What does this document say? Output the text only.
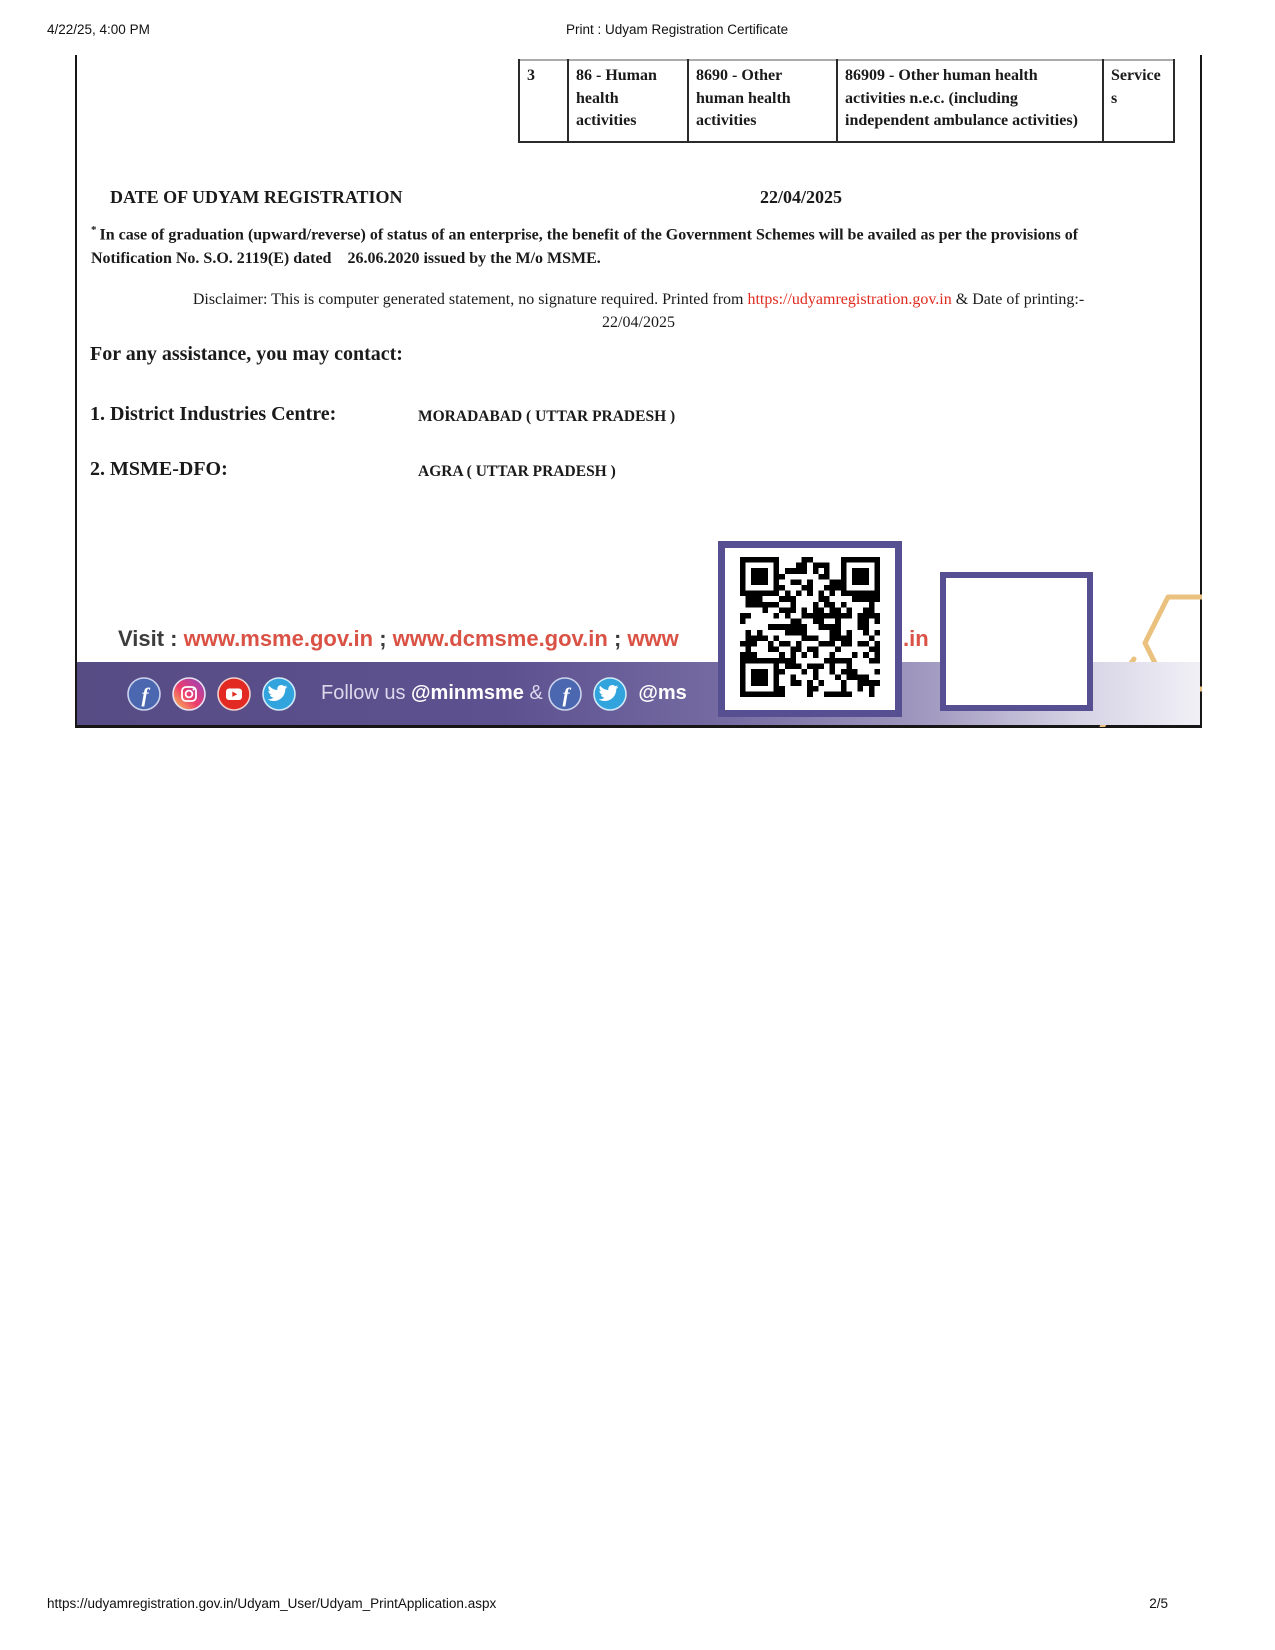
4/22/25, 4:00 PM	Print : Udyam Registration Certificate
3	86 - Human health activities	8690 - Other human health activities	86909 - Other human health activities n.e.c. (including independent ambulance activities)	Services
DATE OF UDYAM REGISTRATION	22/04/2025
* In case of graduation (upward/reverse) of status of an enterprise, the benefit of the Government Schemes will be availed as per the provisions of Notification No. S.O. 2119(E) dated    26.06.2020 issued by the M/o MSME.
Disclaimer: This is computer generated statement, no signature required. Printed from https://udyamregistration.gov.in & Date of printing:-
22/04/2025
For any assistance, you may contact:
1. District Industries Centre:	MORADABAD ( UTTAR PRADESH )
2. MSME-DFO:	AGRA ( UTTAR PRADESH )
Visit : www.msme.gov.in ; www.dcmsme.gov.in ; www	.in
f	Follow us @minmsme & f	@ms
https://udyamregistration.gov.in/Udyam_User/Udyam_PrintApplication.aspx	2/5
